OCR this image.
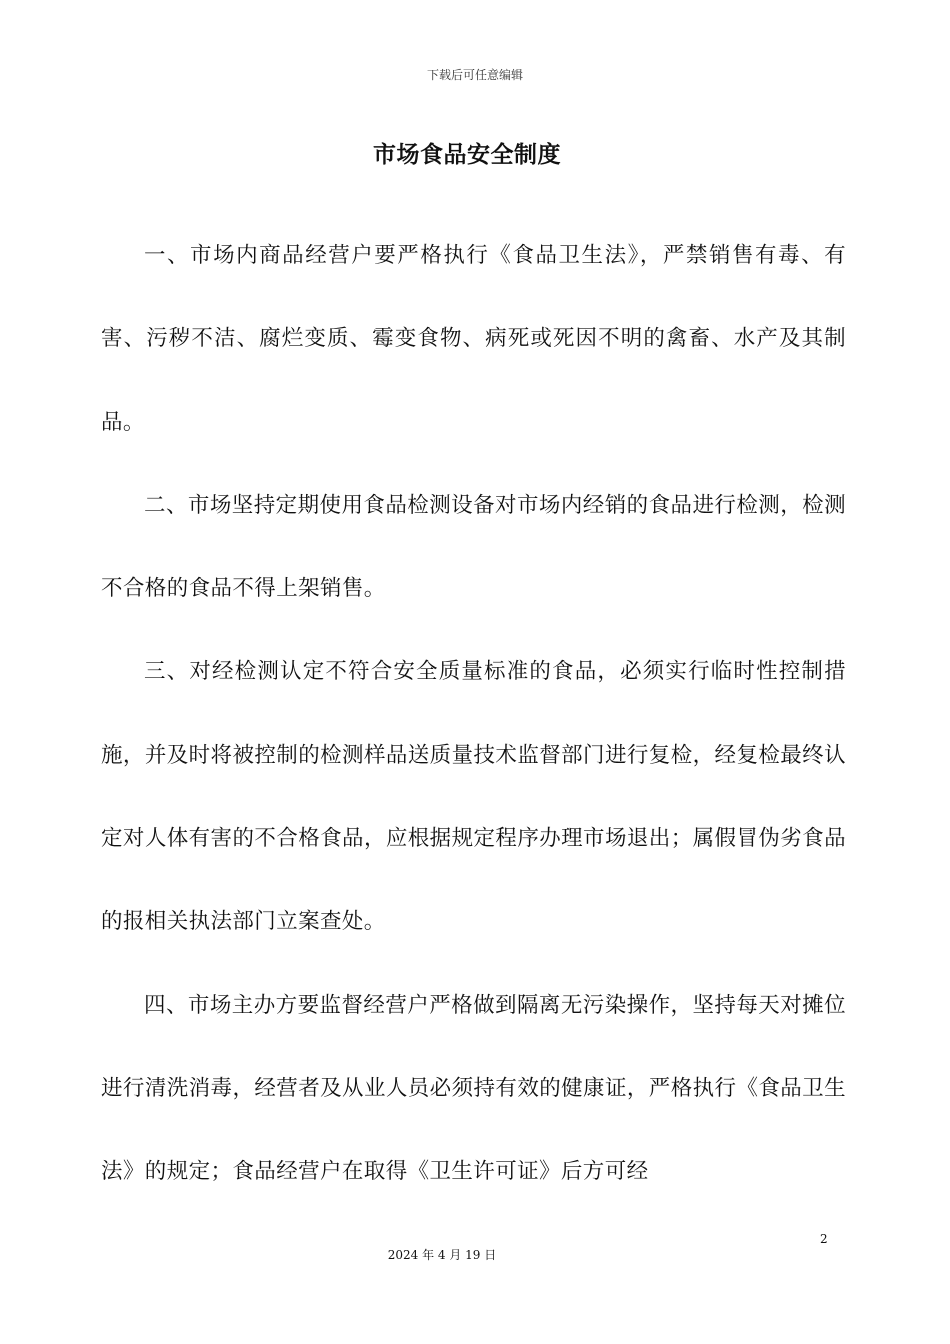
下载后可任意编辑
市场食品安全制度

一、市场内商品经营户要严格执行《食品卫生法》，严禁销售有毒、有害、污秽不洁、腐烂变质、霉变食物、病死或死因不明的禽畜、水产及其制品。

二、市场坚持定期使用食品检测设备对市场内经销的食品进行检测，检测不合格的食品不得上架销售。

三、对经检测认定不符合安全质量标准的食品，必须实行临时性控制措施，并及时将被控制的检测样品送质量技术监督部门进行复检，经复检最终认定对人体有害的不合格食品，应根据规定程序办理市场退出；属假冒伪劣食品的报相关执法部门立案查处。

四、市场主办方要监督经营户严格做到隔离无污染操作，坚持每天对摊位进行清洗消毒，经营者及从业人员必须持有效的健康证，严格执行《食品卫生法》的规定；食品经营户在取得《卫生许可证》后方可经

2
2024 年 4 月 19 日
